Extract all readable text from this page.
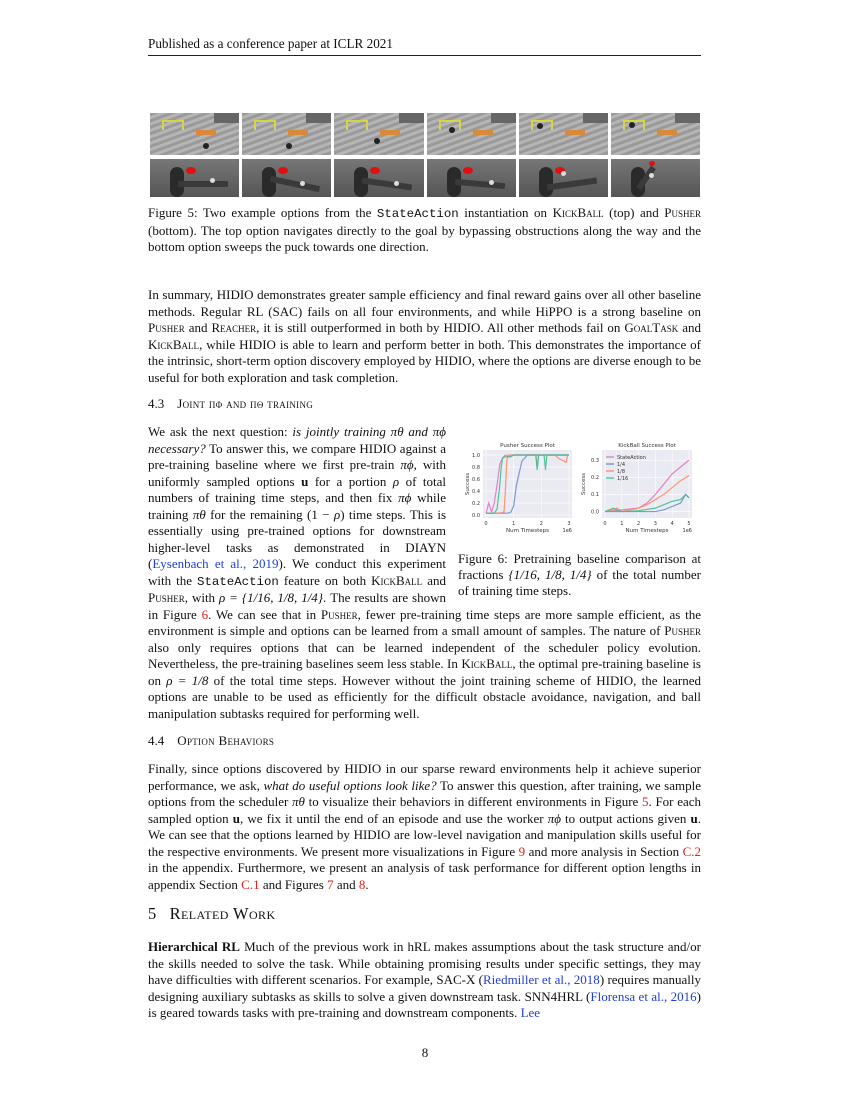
Published as a conference paper at ICLR 2021
Figure 5: Two example options from the StateAction instantiation on KickBall (top) and Pusher (bottom). The top option navigates directly to the goal by bypassing obstructions along the way and the bottom option sweeps the puck towards one direction.

In summary, HIDIO demonstrates greater sample efficiency and final reward gains over all other baseline methods. Regular RL (SAC) fails on all four environments, and while HiPPO is a strong baseline on Pusher and Reacher, it is still outperformed in both by HIDIO. All other methods fail on GoalTask and KickBall, while HIDIO is able to learn and perform better in both. This demonstrates the importance of the intrinsic, short-term option discovery employed by HIDIO, where the options are diverse enough to be useful for both exploration and task completion.

4.3 Joint πϕ and πθ training

We ask the next question: is jointly training πθ and πϕ necessary? To answer this, we compare HIDIO against a pre-training baseline where we first pre-train πϕ, with uniformly sampled options u for a portion ρ of total numbers of training time steps, and then fix πϕ while training πθ for the remaining (1 − ρ) time steps. This is essentially using pre-trained options for downstream higher-level tasks as demonstrated in DIAYN (Eysenbach et al., 2019). We conduct this experiment with the StateAction feature on both KickBall and Pusher, with ρ = {1/16, 1/8, 1/4}. The results are shown in Figure 6. We can see that in Pusher, fewer pre-training time steps are more sample efficient, as the environment is simple and options can be learned from a small amount of samples. The nature of Pusher also only requires options that can be learned independent of the scheduler policy evolution. Nevertheless, the pre-training baselines seem less stable. In KickBall, the optimal pre-training baseline is on ρ = 1/8 of the total time steps. However without the joint training scheme of HIDIO, the learned options are unable to be used as efficiently for the difficult obstacle avoidance, navigation, and ball manipulation subtasks required for performing well.

0	1	2	3
0.0
0.2
0.4
0.6
0.8
1.0
Pusher Success Plot
Num Timesteps	1e6
Success
0	1	2	3	4	5
0.0
0.1
0.2
0.3
KickBall Success Plot
Num Timesteps	1e6
Success
StateAction
1/4
1/8
1/16
Figure 6: Pretraining baseline comparison at fractions {1/16, 1/8, 1/4} of the total number of training time steps.
4.4 Option Behaviors

Finally, since options discovered by HIDIO in our sparse reward environments help it achieve superior performance, we ask, what do useful options look like? To answer this question, after training, we sample options from the scheduler πθ to visualize their behaviors in different environments in Figure 5. For each sampled option u, we fix it until the end of an episode and use the worker πϕ to output actions given u. We can see that the options learned by HIDIO are low-level navigation and manipulation skills useful for the respective environments. We present more visualizations in Figure 9 and more analysis in Section C.2 in the appendix. Furthermore, we present an analysis of task performance for different option lengths in appendix Section C.1 and Figures 7 and 8.

5 Related Work

Hierarchical RL Much of the previous work in hRL makes assumptions about the task structure and/or the skills needed to solve the task. While obtaining promising results under specific settings, they may have difficulties with different scenarios. For example, SAC-X (Riedmiller et al., 2018) requires manually designing auxiliary subtasks as skills to solve a given downstream task. SNN4HRL (Florensa et al., 2016) is geared towards tasks with pre-training and downstream components. Lee

8
